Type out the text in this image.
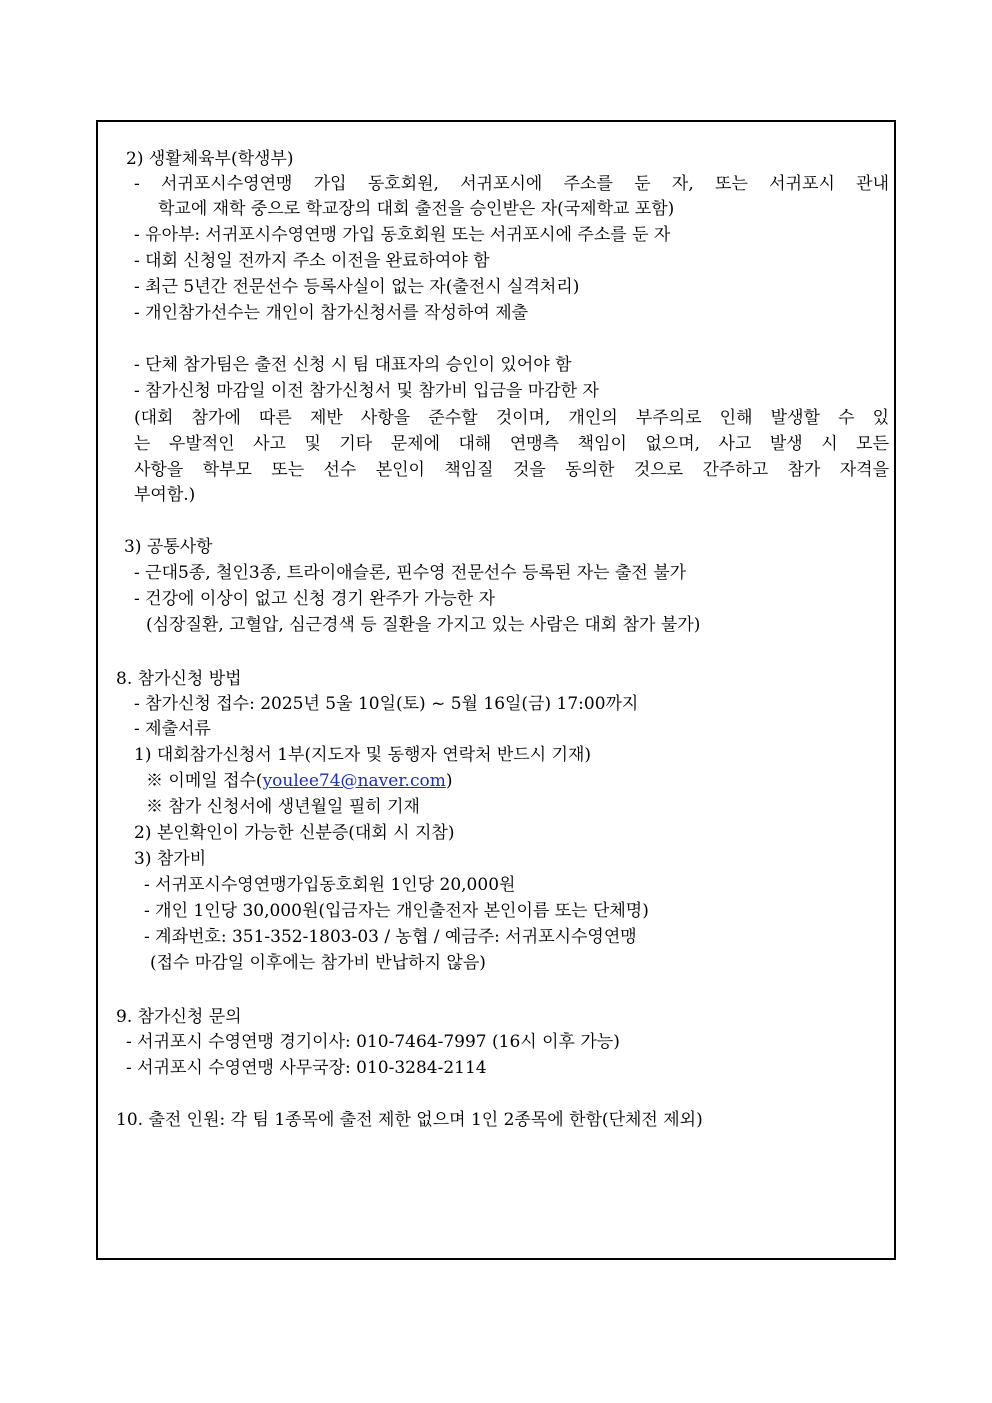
2) 생활체육부(학생부)
- 서귀포시수영연맹 가입 동호회원, 서귀포시에 주소를 둔 자, 또는 서귀포시 관내
학교에 재학 중으로 학교장의 대회 출전을 승인받은 자(국제학교 포함)
- 유아부: 서귀포시수영연맹 가입 동호회원 또는 서귀포시에 주소를 둔 자
- 대회 신청일 전까지 주소 이전을 완료하여야 함
- 최근 5년간 전문선수 등록사실이 없는 자(출전시 실격처리)
- 개인참가선수는 개인이 참가신청서를 작성하여 제출
- 단체 참가팀은 출전 신청 시 팀 대표자의 승인이 있어야 함
- 참가신청 마감일 이전 참가신청서 및 참가비 입금을 마감한 자
(대회 참가에 따른 제반 사항을 준수할 것이며, 개인의 부주의로 인해 발생할 수 있
는 우발적인 사고 및 기타 문제에 대해 연맹측 책임이 없으며, 사고 발생 시 모든
사항을 학부모 또는 선수 본인이 책임질 것을 동의한 것으로 간주하고 참가 자격을
부여함.)
3) 공통사항
- 근대5종, 철인3종, 트라이애슬론, 핀수영 전문선수 등록된 자는 출전 불가
- 건강에 이상이 없고 신청 경기 완주가 가능한 자
(심장질환, 고혈압, 심근경색 등 질환을 가지고 있는 사람은 대회 참가 불가)
8. 참가신청 방법
- 참가신청 접수: 2025년 5울 10일(토) ~ 5월 16일(금) 17:00까지
- 제출서류
1) 대회참가신청서 1부(지도자 및 동행자 연락처 반드시 기재)
※ 이메일 접수(youlee74@naver.com)
※ 참가 신청서에 생년월일 필히 기재
2) 본인확인이 가능한 신분증(대회 시 지참)
3) 참가비
- 서귀포시수영연맹가입동호회원 1인당 20,000원
- 개인 1인당 30,000원(입금자는 개인출전자 본인이름 또는 단체명)
- 계좌번호: 351-352-1803-03 / 농협 / 예금주: 서귀포시수영연맹
(접수 마감일 이후에는 참가비 반납하지 않음)
9. 참가신청 문의
- 서귀포시 수영연맹 경기이사: 010-7464-7997 (16시 이후 가능)
- 서귀포시 수영연맹 사무국장: 010-3284-2114
10. 출전 인원: 각 팀 1종목에 출전 제한 없으며 1인 2종목에 한함(단체전 제외)
